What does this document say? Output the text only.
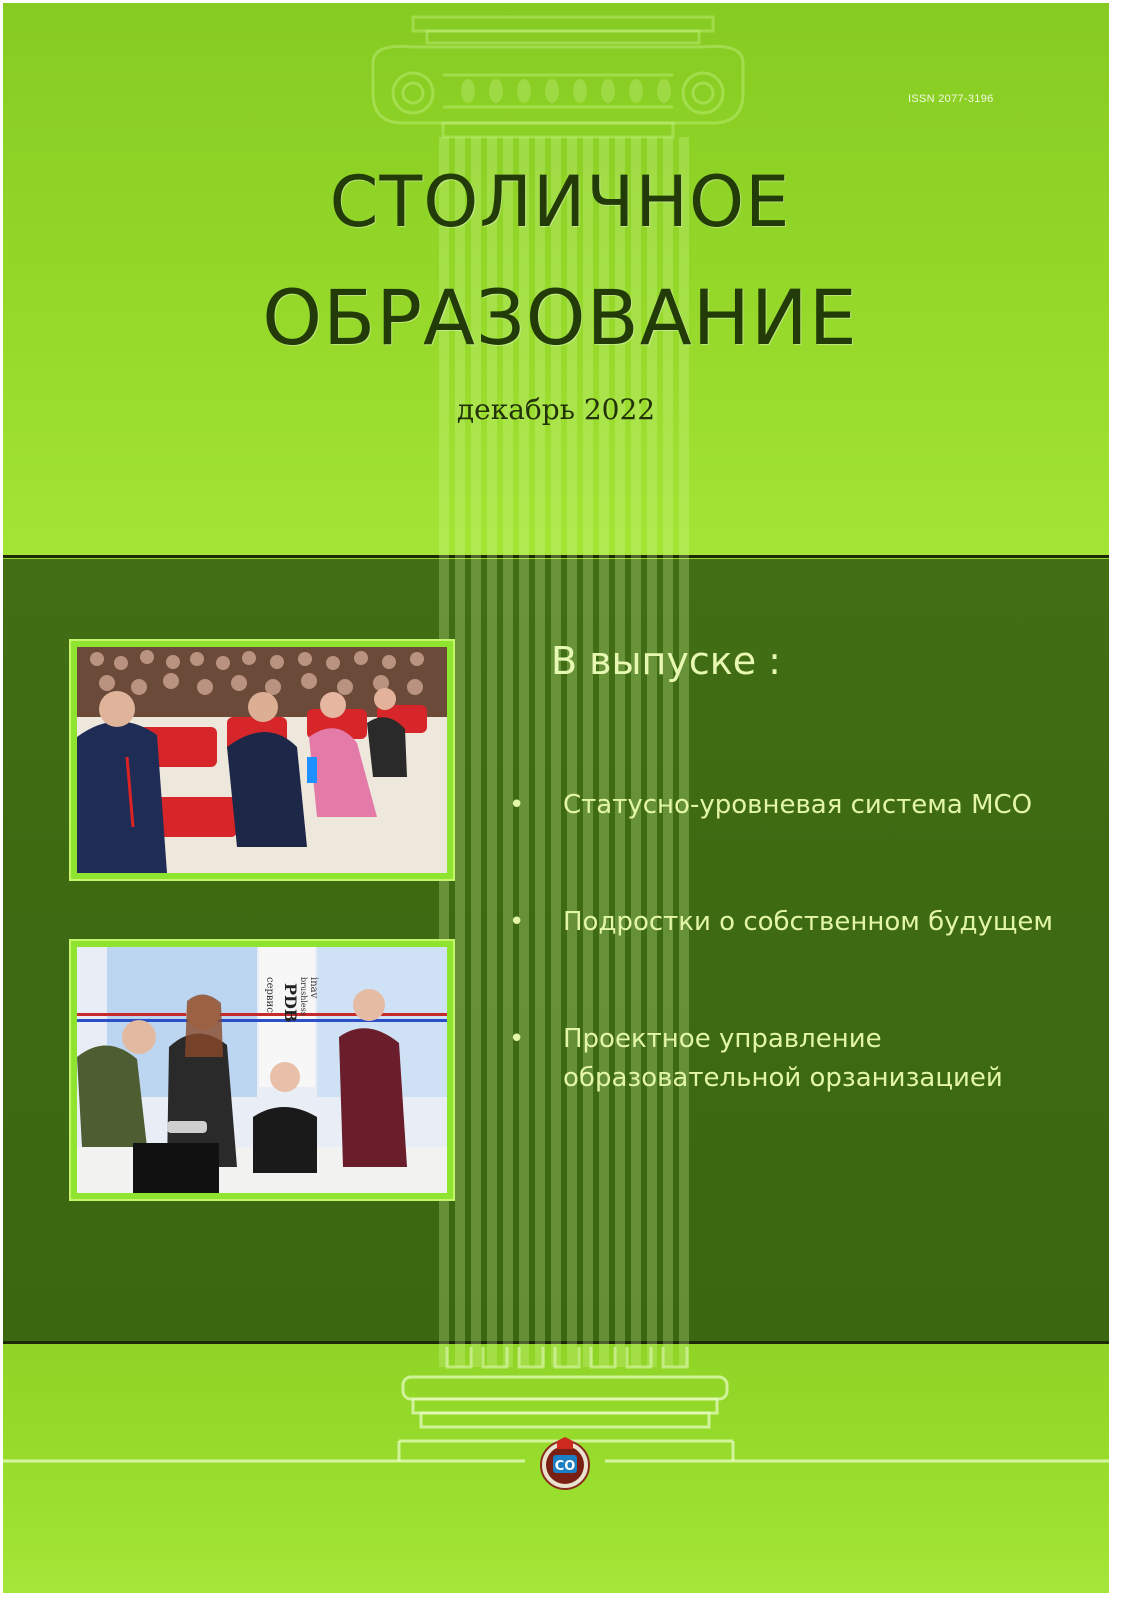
ISSN 2077-3196
СТОЛИЧНОЕ
ОБРАЗОВАНИЕ
декабрь 2022
сервис PDB brushless inav
В выпуске :
• Статусно-уровневая система МСО
• Подростки о собственном будущем
• Проектное управление
образовательной орзанизацией
СО
